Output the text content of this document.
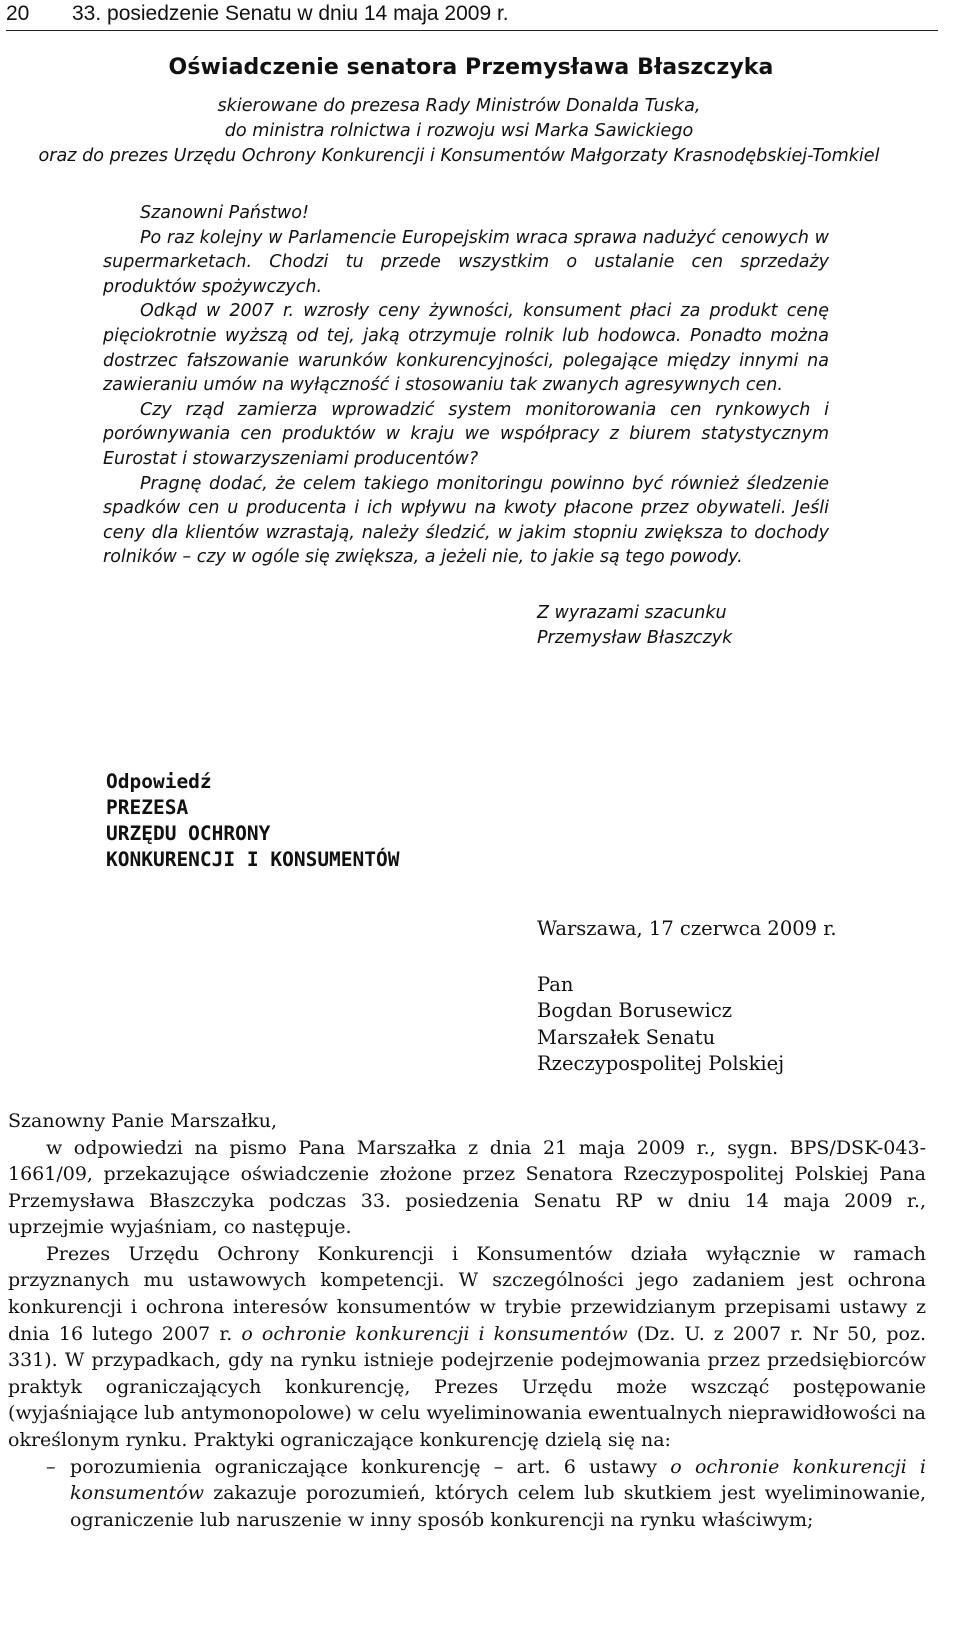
20	33. posiedzenie Senatu w dniu 14 maja 2009 r.
Oświadczenie senatora Przemysława Błaszczyka
skierowane do prezesa Rady Ministrów Donalda Tuska,
do ministra rolnictwa i rozwoju wsi Marka Sawickiego
oraz do prezes Urzędu Ochrony Konkurencji i Konsumentów Małgorzaty Krasnodębskiej-Tomkiel

Szanowni Państwo!

Po raz kolejny w Parlamencie Europejskim wraca sprawa nadużyć cenowych w supermarketach. Chodzi tu przede wszystkim o ustalanie cen sprzedaży produktów spożywczych.

Odkąd w 2007 r. wzrosły ceny żywności, konsument płaci za produkt cenę pięciokrotnie wyższą od tej, jaką otrzymuje rolnik lub hodowca. Ponadto można dostrzec fałszowanie warunków konkurencyjności, polegające między innymi na zawieraniu umów na wyłączność i stosowaniu tak zwanych agresywnych cen.

Czy rząd zamierza wprowadzić system monitorowania cen rynkowych i porównywania cen produktów w kraju we współpracy z biurem statystycznym Eurostat i stowarzyszeniami producentów?

Pragnę dodać, że celem takiego monitoringu powinno być również śledzenie spadków cen u producenta i ich wpływu na kwoty płacone przez obywateli. Jeśli ceny dla klientów wzrastają, należy śledzić, w jakim stopniu zwiększa to dochody rolników – czy w ogóle się zwiększa, a jeżeli nie, to jakie są tego powody.

Z wyrazami szacunku
Przemysław Błaszczyk
Odpowiedź
PREZESA
URZĘDU OCHRONY
KONKURENCJI I KONSUMENTÓW
Warszawa, 17 czerwca 2009 r.
Pan
Bogdan Borusewicz
Marszałek Senatu
Rzeczypospolitej Polskiej

Szanowny Panie Marszałku,

w odpowiedzi na pismo Pana Marszałka z dnia 21 maja 2009 r., sygn. BPS/DSK-043-1661/09, przekazujące oświadczenie złożone przez Senatora Rzeczypospolitej Polskiej Pana Przemysława Błaszczyka podczas 33. posiedzenia Senatu RP w dniu 14 maja 2009 r., uprzejmie wyjaśniam, co następuje.

Prezes Urzędu Ochrony Konkurencji i Konsumentów działa wyłącznie w ramach przyznanych mu ustawowych kompetencji. W szczególności jego zadaniem jest ochrona konkurencji i ochrona interesów konsumentów w trybie przewidzianym przepisami ustawy z dnia 16 lutego 2007 r. o ochronie konkurencji i konsumentów (Dz. U. z 2007 r. Nr 50, poz. 331). W przypadkach, gdy na rynku istnieje podejrzenie podejmowania przez przedsiębiorców praktyk ograniczających konkurencję, Prezes Urzędu może wszcząć postępowanie (wyjaśniające lub antymonopolowe) w celu wyeliminowania ewentualnych nieprawidłowości na określonym rynku. Praktyki ograniczające konkurencję dzielą się na:

– porozumienia ograniczające konkurencję – art. 6 ustawy o ochronie konkurencji i konsumentów zakazuje porozumień, których celem lub skutkiem jest wyeliminowanie, ograniczenie lub naruszenie w inny sposób konkurencji na rynku właściwym;
